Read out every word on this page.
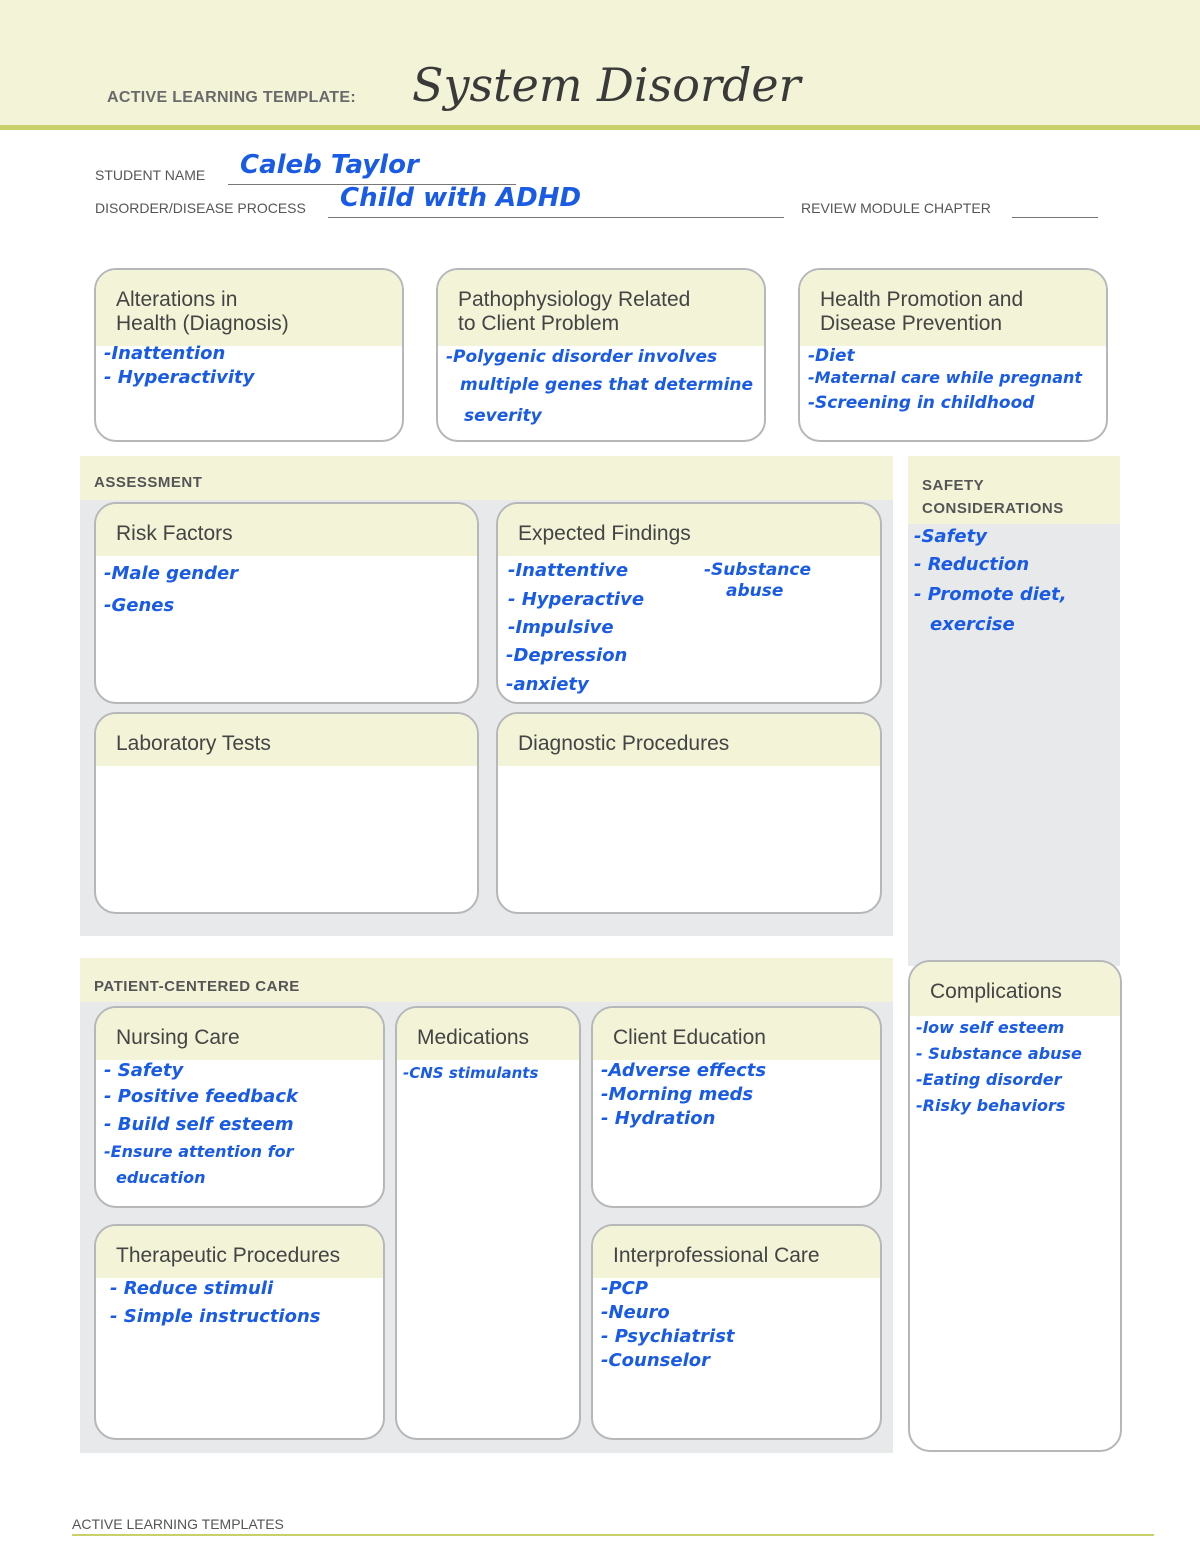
ACTIVE LEARNING TEMPLATE: System Disorder
STUDENT NAME Caleb Taylor
DISORDER/DISEASE PROCESS Child with ADHD	REVIEW MODULE CHAPTER
Alterations in
Health (Diagnosis)
-Inattention
- Hyperactivity
Pathophysiology Related
to Client Problem
-Polygenic disorder involves
multiple genes that determine
severity
Health Promotion and
Disease Prevention
-Diet
-Maternal care while pregnant
-Screening in childhood
ASSESSMENT
Risk Factors
-Male gender
-Genes
Expected Findings
-Inattentive
- Hyperactive
-Impulsive
-Depression
-anxiety
-Substance
abuse
Laboratory Tests	Diagnostic Procedures
SAFETY
CONSIDERATIONS
-Safety
- Reduction
- Promote diet,
exercise
Complications
-low self esteem
- Substance abuse
-Eating disorder
-Risky behaviors
PATIENT-CENTERED CARE
Nursing Care
- Safety
- Positive feedback
- Build self esteem
-Ensure attention for
education
Medications
-CNS stimulants
Client Education
-Adverse effects
-Morning meds
- Hydration
Therapeutic Procedures
- Reduce stimuli
- Simple instructions
Interprofessional Care
-PCP
-Neuro
- Psychiatrist
-Counselor
ACTIVE LEARNING TEMPLATES
